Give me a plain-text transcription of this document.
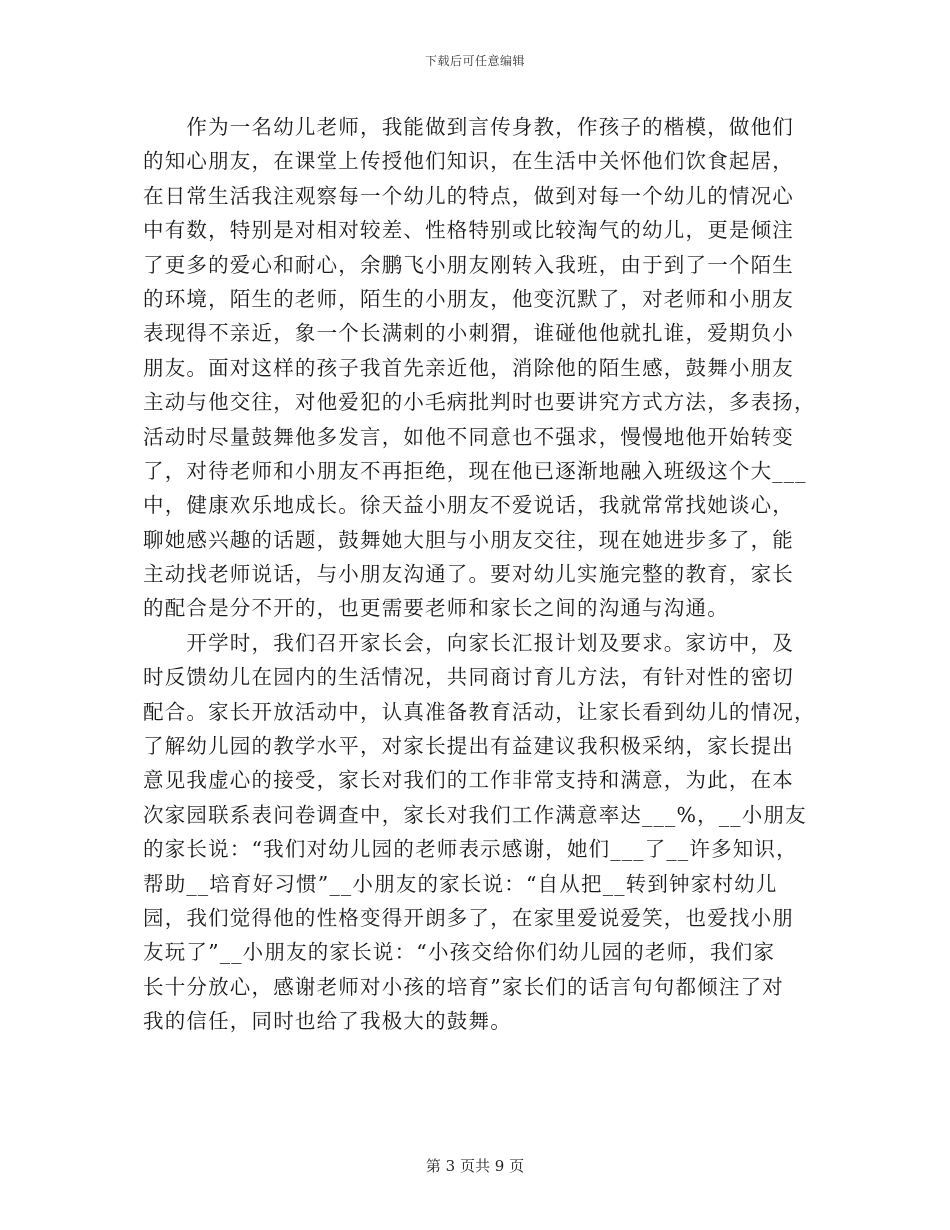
下载后可任意编辑
　　作为一名幼儿老师，我能做到言传身教，作孩子的楷模，做他们
的知心朋友，在课堂上传授他们知识，在生活中关怀他们饮食起居，
在日常生活我注观察每一个幼儿的特点，做到对每一个幼儿的情况心
中有数，特别是对相对较差、性格特别或比较淘气的幼儿，更是倾注
了更多的爱心和耐心，余鹏飞小朋友刚转入我班，由于到了一个陌生
的环境，陌生的老师，陌生的小朋友，他变沉默了，对老师和小朋友
表现得不亲近，象一个长满刺的小刺猬，谁碰他他就扎谁，爱期负小
朋友。面对这样的孩子我首先亲近他，消除他的陌生感，鼓舞小朋友
主动与他交往，对他爱犯的小毛病批判时也要讲究方式方法，多表扬，
活动时尽量鼓舞他多发言，如他不同意也不强求，慢慢地他开始转变
了，对待老师和小朋友不再拒绝，现在他已逐渐地融入班级这个大___
中，健康欢乐地成长。徐天益小朋友不爱说话，我就常常找她谈心，
聊她感兴趣的话题，鼓舞她大胆与小朋友交往，现在她进步多了，能
主动找老师说话，与小朋友沟通了。要对幼儿实施完整的教育，家长
的配合是分不开的，也更需要老师和家长之间的沟通与沟通。
　　开学时，我们召开家长会，向家长汇报计划及要求。家访中，及
时反馈幼儿在园内的生活情况，共同商讨育儿方法，有针对性的密切
配合。家长开放活动中，认真准备教育活动，让家长看到幼儿的情况，
了解幼儿园的教学水平，对家长提出有益建议我积极采纳，家长提出
意见我虚心的接受，家长对我们的工作非常支持和满意，为此，在本
次家园联系表问卷调查中，家长对我们工作满意率达___%，__小朋友
的家长说：“我们对幼儿园的老师表示感谢，她们___了__许多知识，
帮助__培育好习惯”__小朋友的家长说：“自从把__转到钟家村幼儿
园，我们觉得他的性格变得开朗多了，在家里爱说爱笑，也爱找小朋
友玩了”__小朋友的家长说：“小孩交给你们幼儿园的老师，我们家
长十分放心，感谢老师对小孩的培育”家长们的话言句句都倾注了对
我的信任，同时也给了我极大的鼓舞。
第 3 页共 9 页
